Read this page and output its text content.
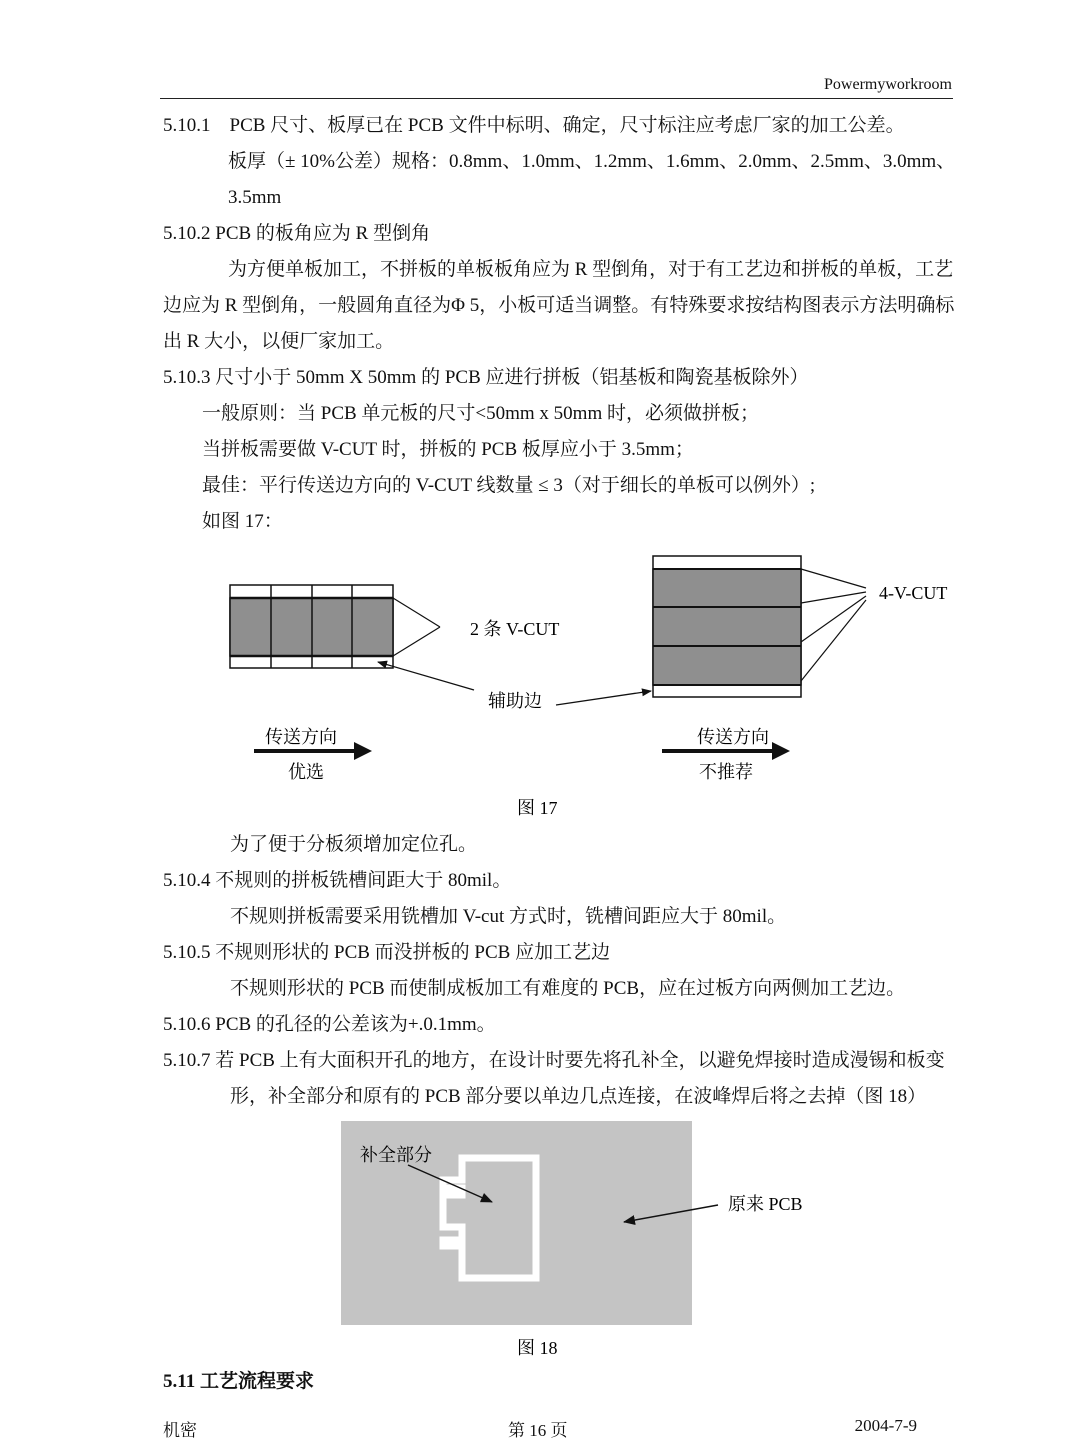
Powermyworkroom
5.10.1　PCB 尺寸、板厚已在 PCB 文件中标明、确定，尺寸标注应考虑厂家的加工公差。
板厚（± 10%公差）规格：0.8mm、1.0mm、1.2mm、1.6mm、2.0mm、2.5mm、3.0mm、
3.5mm
5.10.2 PCB 的板角应为 R 型倒角
为方便单板加工，不拼板的单板板角应为 R 型倒角，对于有工艺边和拼板的单板，工艺
边应为 R 型倒角，一般圆角直径为Φ 5，小板可适当调整。有特殊要求按结构图表示方法明确标
出 R 大小，以便厂家加工。
5.10.3 尺寸小于 50mm X 50mm 的 PCB 应进行拼板（铝基板和陶瓷基板除外）
一般原则：当 PCB 单元板的尺寸<50mm x 50mm 时，必须做拼板；
当拼板需要做 V-CUT 时，拼板的 PCB 板厚应小于 3.5mm；
最佳：平行传送边方向的 V-CUT 线数量 ≤ 3（对于细长的单板可以例外）;
如图 17：
2 条 V-CUT
辅助边
4-V-CUT
传送方向
优选
传送方向
不推荐
图 17
为了便于分板须增加定位孔。
5.10.4 不规则的拼板铣槽间距大于 80mil。
不规则拼板需要采用铣槽加 V-cut 方式时，铣槽间距应大于 80mil。
5.10.5 不规则形状的 PCB 而没拼板的 PCB 应加工艺边
不规则形状的 PCB 而使制成板加工有难度的 PCB，应在过板方向两侧加工艺边。
5.10.6 PCB 的孔径的公差该为+.0.1mm。
5.10.7 若 PCB 上有大面积开孔的地方，在设计时要先将孔补全，以避免焊接时造成漫锡和板变
形，补全部分和原有的 PCB 部分要以单边几点连接，在波峰焊后将之去掉（图 18）
补全部分
原来 PCB
图 18
5.11 工艺流程要求
机密	第 16 页	2004-7-9
